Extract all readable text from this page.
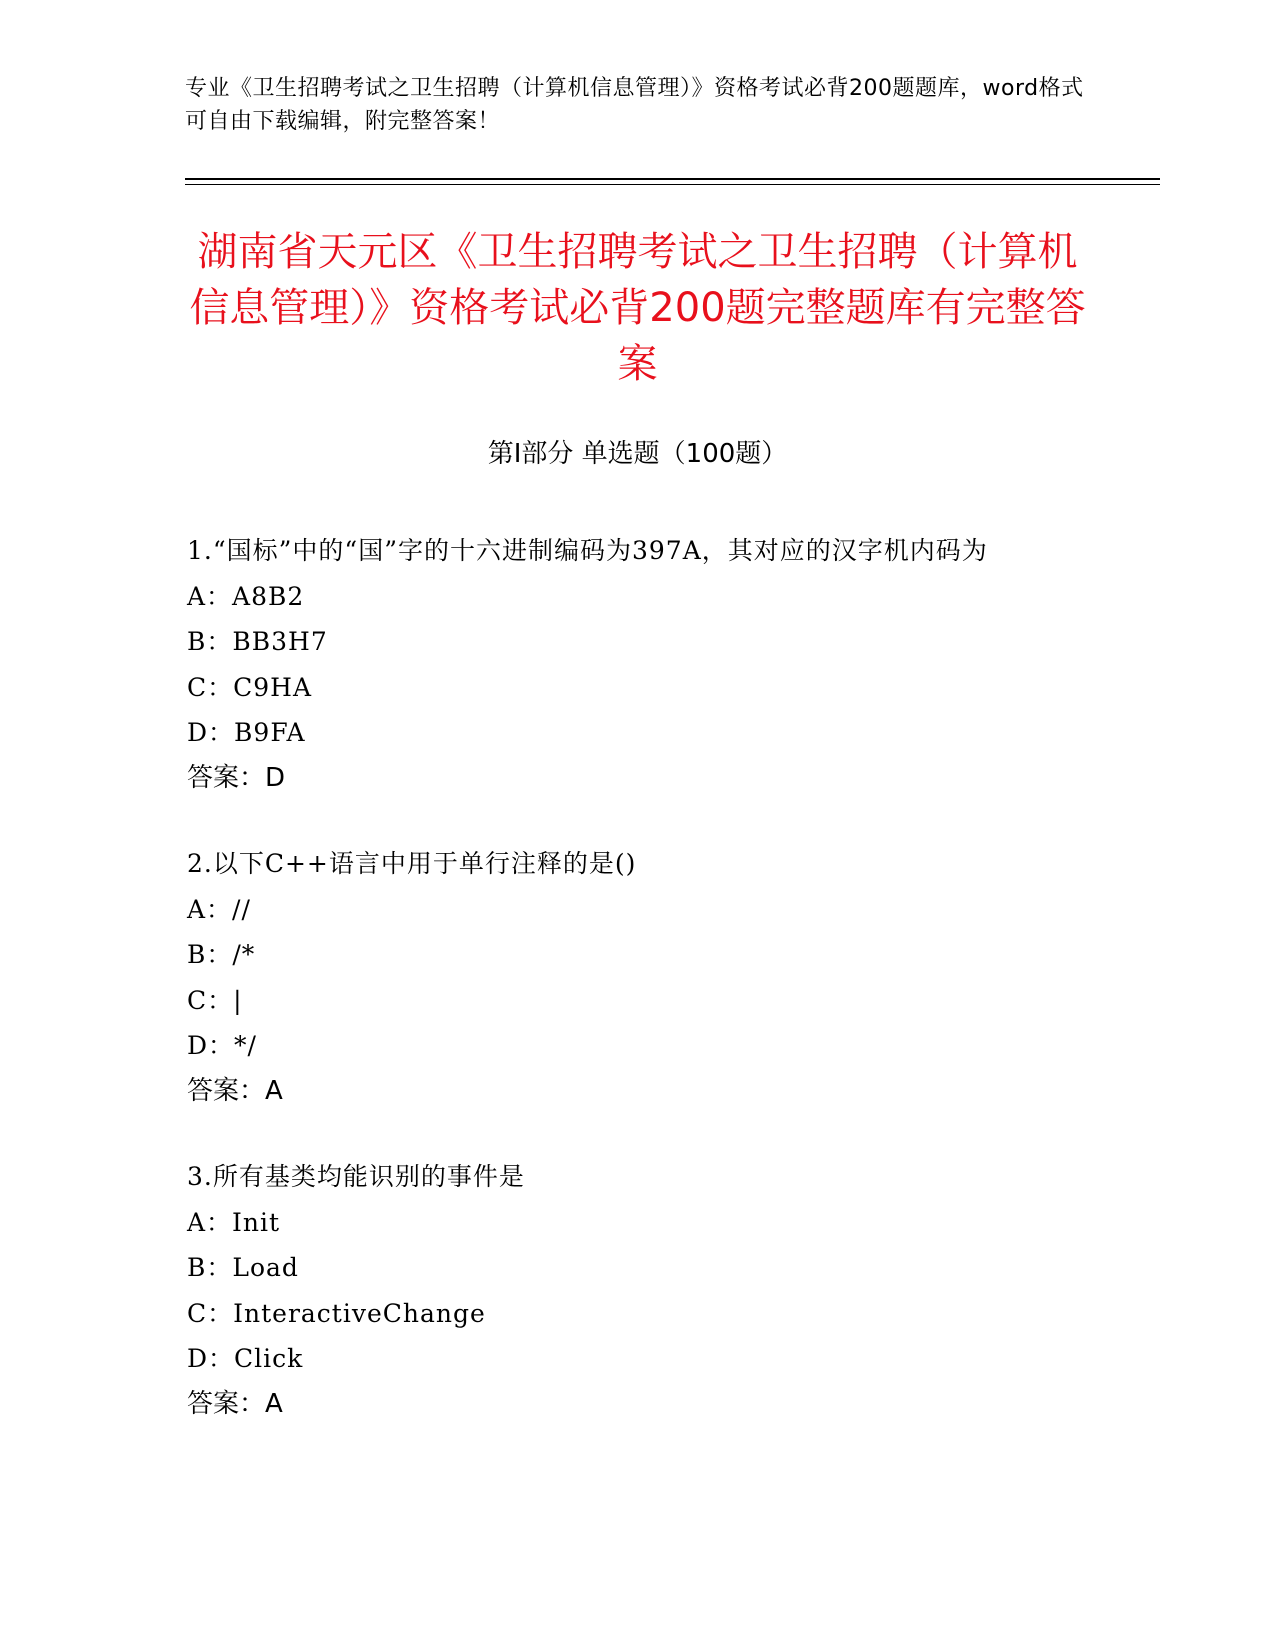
专业《卫生招聘考试之卫生招聘（计算机信息管理）》资格考试必背200题题库，word格式可自由下载编辑，附完整答案！
湖南省天元区《卫生招聘考试之卫生招聘（计算机信息管理）》资格考试必背200题完整题库有完整答案
第I部分 单选题（100题）

1.“国标”中的“国”字的十六进制编码为397A，其对应的汉字机内码为

A：A8B2

B：BB3H7

C：C9HA

D：B9FA

答案：D

2.以下C++语言中用于单行注释的是()

A：//

B：/*

C：|

D：*/

答案：A

3.所有基类均能识别的事件是

A：Init

B：Load

C：InteractiveChange

D：Click

答案：A
